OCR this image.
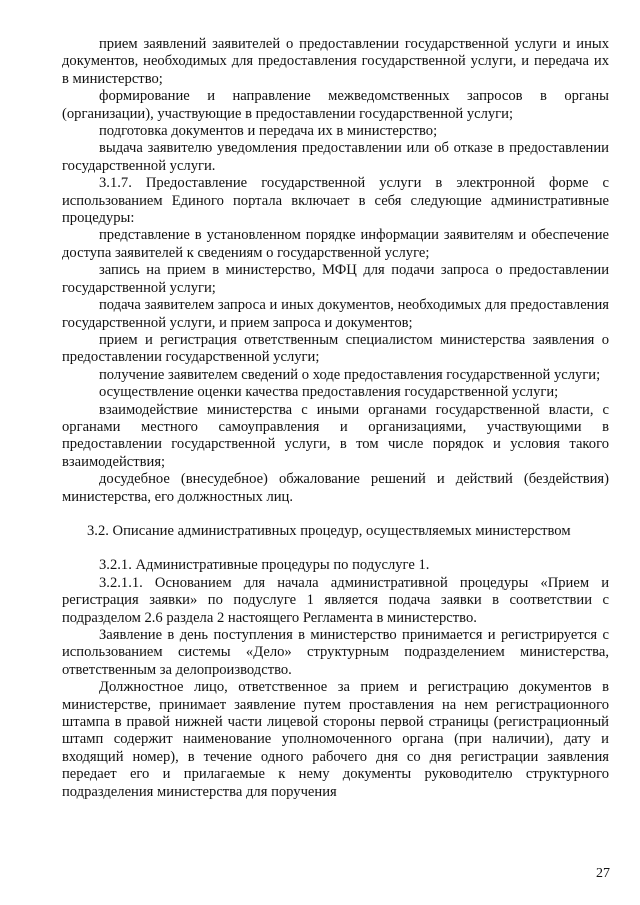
прием заявлений заявителей о предоставлении государственной услуги и иных документов, необходимых для предоставления государственной услуги, и передача их в министерство;

формирование и направление межведомственных запросов в органы (организации), участвующие в предоставлении государственной услуги;

подготовка документов и передача их в министерство;

выдача заявителю уведомления предоставлении или об отказе в предоставлении государственной услуги.

3.1.7. Предоставление государственной услуги в электронной форме с использованием Единого портала включает в себя следующие административные процедуры:

представление в установленном порядке информации заявителям и обеспечение доступа заявителей к сведениям о государственной услуге;

запись на прием в министерство, МФЦ для подачи запроса о предоставлении государственной услуги;

подача заявителем запроса и иных документов, необходимых для предоставления государственной услуги, и прием запроса и документов;

прием и регистрация ответственным специалистом министерства заявления о предоставлении государственной услуги;

получение заявителем сведений о ходе предоставления государственной услуги;

осуществление оценки качества предоставления государственной услуги;

взаимодействие министерства с иными органами государственной власти, с органами местного самоуправления и организациями, участвующими в предоставлении государственной услуги, в том числе порядок и условия такого взаимодействия;

досудебное (внесудебное) обжалование решений и действий (бездействия) министерства, его должностных лиц.

3.2. Описание административных процедур, осуществляемых министерством

3.2.1. Административные процедуры по подуслуге 1.

3.2.1.1. Основанием для начала административной процедуры «Прием и регистрация заявки» по подуслуге 1 является подача заявки в соответствии с подразделом 2.6 раздела 2 настоящего Регламента в министерство.

Заявление в день поступления в министерство принимается и регистрируется с использованием системы «Дело» структурным подразделением министерства, ответственным за делопроизводство.

Должностное лицо, ответственное за прием и регистрацию документов в министерстве, принимает заявление путем проставления на нем регистрационного штампа в правой нижней части лицевой стороны первой страницы (регистрационный штамп содержит наименование уполномоченного органа (при наличии), дату и входящий номер), в течение одного рабочего дня со дня регистрации заявления передает его и прилагаемые к нему документы руководителю структурного подразделения министерства для поручения

27
